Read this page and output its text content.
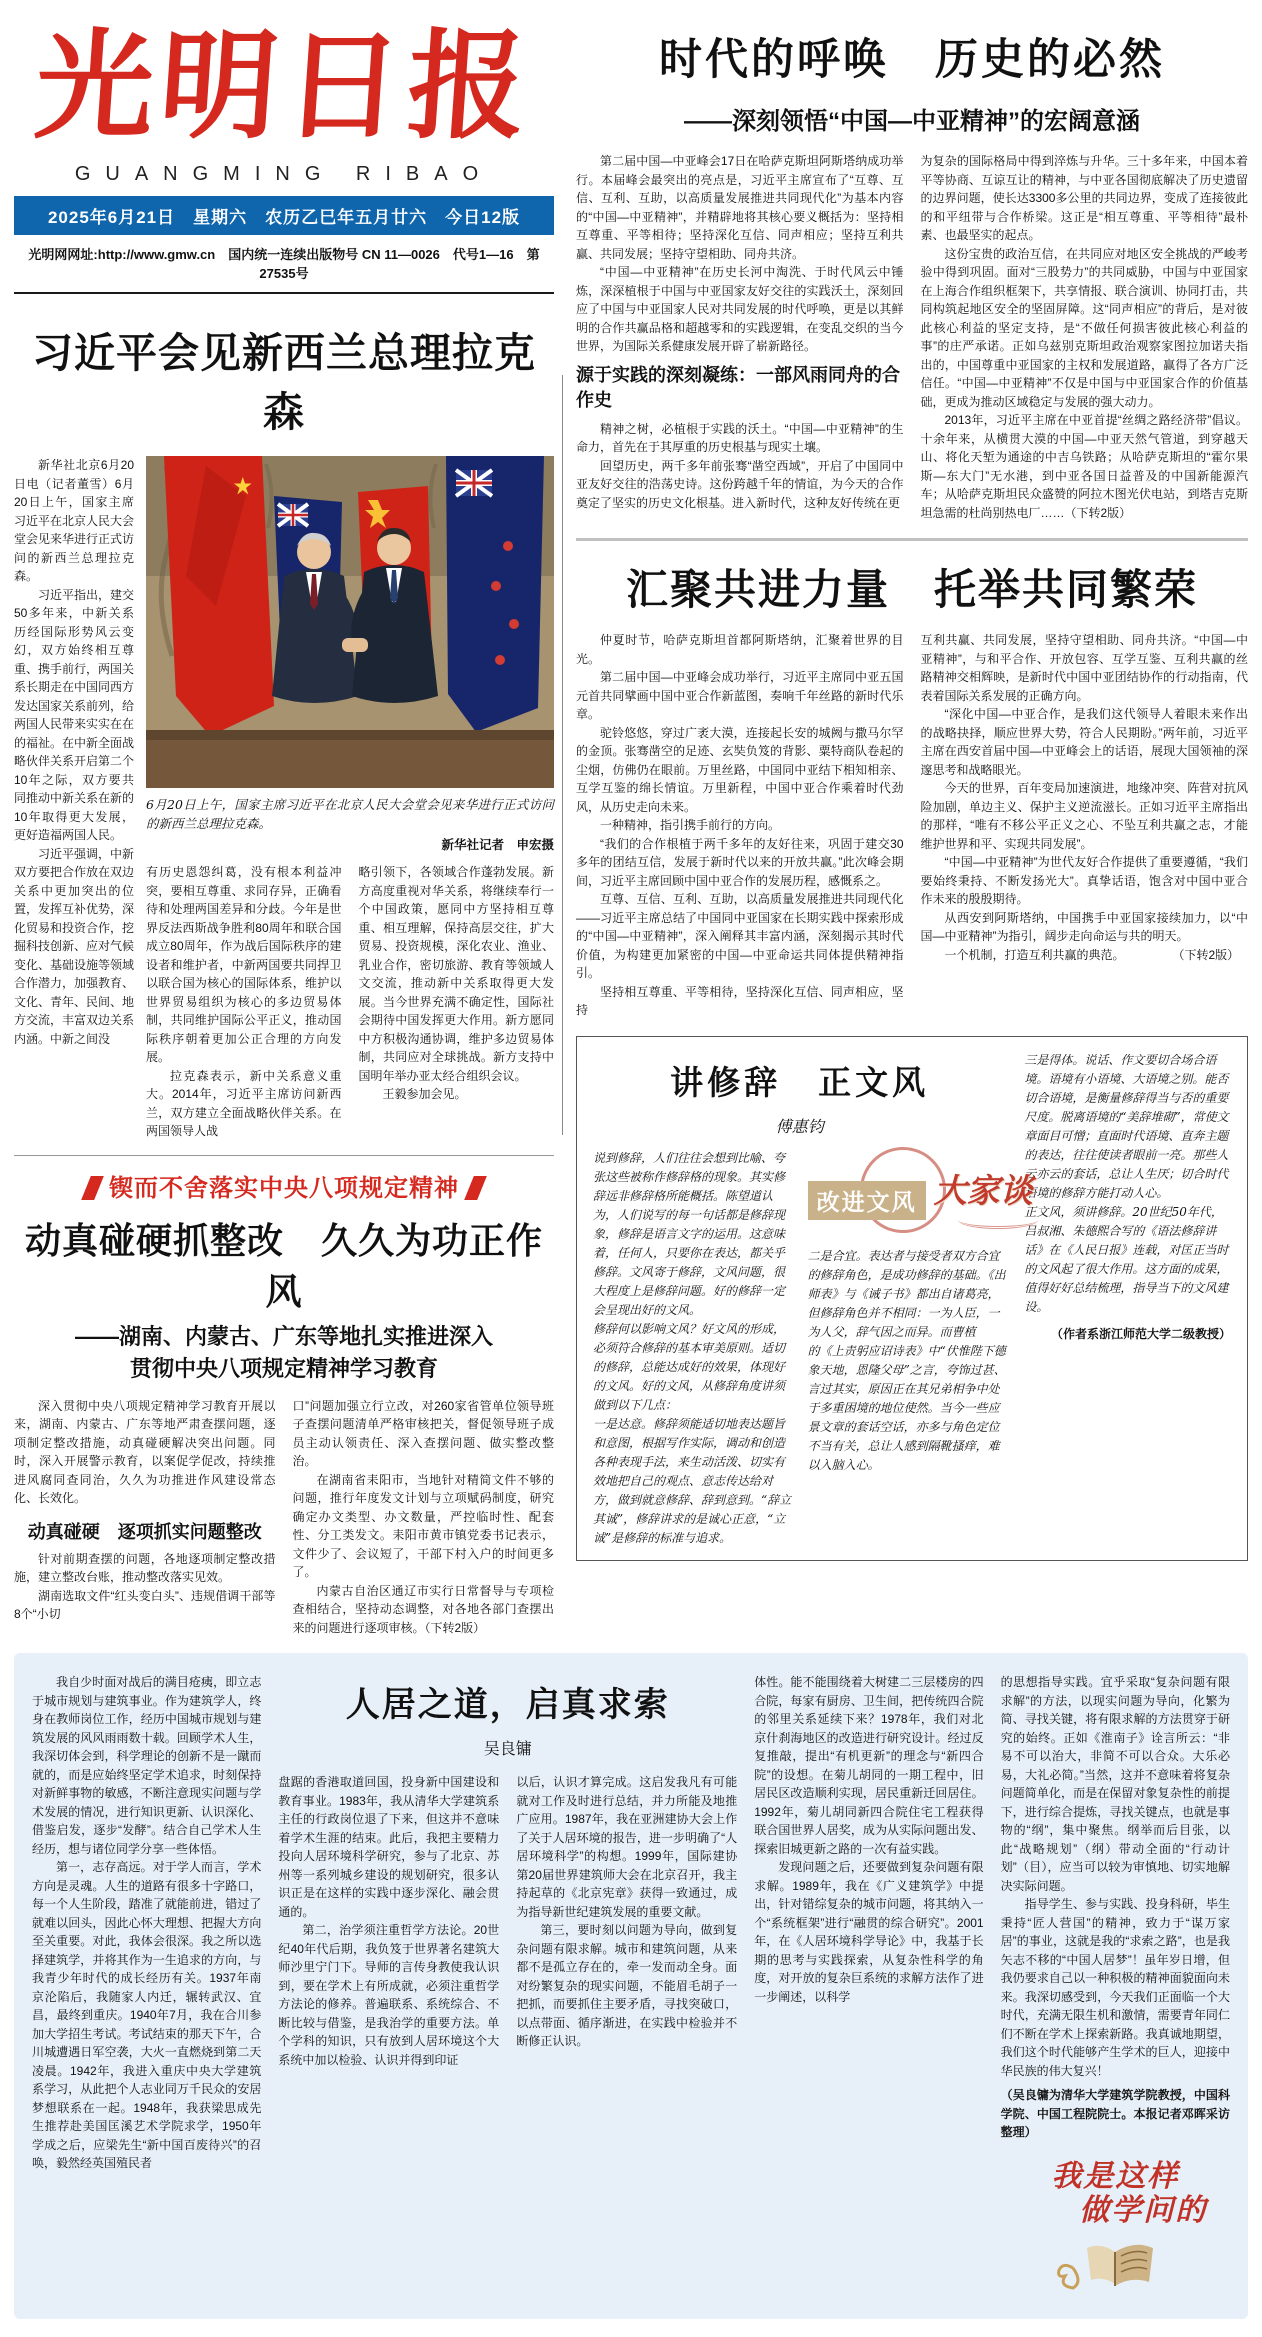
光明日报
GUANGMING RIBAO
2025年6月21日　星期六　农历乙巳年五月廿六　今日12版
光明网网址:http://www.gmw.cn　国内统一连续出版物号 CN 11—0026　代号1—16　第27535号
习近平会见新西兰总理拉克森

新华社北京6月20日电（记者董雪）6月20日上午，国家主席习近平在北京人民大会堂会见来华进行正式访问的新西兰总理拉克森。

习近平指出，建交50多年来，中新关系历经国际形势风云变幻，双方始终相互尊重、携手前行，两国关系长期走在中国同西方发达国家关系前列，给两国人民带来实实在在的福祉。在中新全面战略伙伴关系开启第二个10年之际，双方要共同推动中新关系在新的10年取得更大发展，更好造福两国人民。

习近平强调，中新双方要把合作放在双边关系中更加突出的位置，发挥互补优势，深化贸易和投资合作，挖掘科技创新、应对气候变化、基础设施等领域合作潜力，加强教育、文化、青年、民间、地方交流，丰富双边关系内涵。中新之间没

6月20日上午，国家主席习近平在北京人民大会堂会见来华进行正式访问的新西兰总理拉克森。
新华社记者　申宏摄

有历史恩怨纠葛，没有根本利益冲突，要相互尊重、求同存异，正确看待和处理两国差异和分歧。今年是世界反法西斯战争胜利80周年和联合国成立80周年，作为战后国际秩序的建设者和维护者，中新两国要共同捍卫以联合国为核心的国际体系，维护以世界贸易组织为核心的多边贸易体制，共同维护国际公平正义，推动国际秩序朝着更加公正合理的方向发展。

拉克森表示，新中关系意义重大。2014年，习近平主席访问新西兰，双方建立全面战略伙伴关系。在两国领导人战

略引领下，各领域合作蓬勃发展。新方高度重视对华关系，将继续奉行一个中国政策，愿同中方坚持相互尊重、相互理解，保持高层交往，扩大贸易、投资规模，深化农业、渔业、乳业合作，密切旅游、教育等领域人文交流，推动新中关系取得更大发展。当今世界充满不确定性，国际社会期待中国发挥更大作用。新方愿同中方积极沟通协调，维护多边贸易体制，共同应对全球挑战。新方支持中国明年举办亚太经合组织会议。

王毅参加会见。

锲而不舍落实中央八项规定精神
动真碰硬抓整改　久久为功正作风
——湖南、内蒙古、广东等地扎实推进深入
贯彻中央八项规定精神学习教育

深入贯彻中央八项规定精神学习教育开展以来，湖南、内蒙古、广东等地严肃查摆问题，逐项制定整改措施，动真碰硬解决突出问题。同时，深入开展警示教育，以案促学促改，持续推进风腐同查同治，久久为功推进作风建设常态化、长效化。

动真碰硬　逐项抓实问题整改

针对前期查摆的问题，各地逐项制定整改措施，建立整改台账，推动整改落实见效。

湖南选取文件“红头变白头”、违规借调干部等8个“小切

口”问题加强立行立改，对260家省管单位领导班子查摆问题清单严格审核把关，督促领导班子成员主动认领责任、深入查摆问题、做实整改整治。

在湖南省耒阳市，当地针对精简文件不够的问题，推行年度发文计划与立项赋码制度，研究确定办文类型、办文数量，严控临时性、配套性、分工类发文。耒阳市黄市镇党委书记表示，文件少了、会议短了，干部下村入户的时间更多了。

内蒙古自治区通辽市实行日常督导与专项检查相结合，坚持动态调整，对各地各部门查摆出来的问题进行逐项审核。（下转2版）

时代的呼唤　历史的必然
——深刻领悟“中国—中亚精神”的宏阔意涵

第二届中国—中亚峰会17日在哈萨克斯坦阿斯塔纳成功举行。本届峰会最突出的亮点是，习近平主席宣布了“互尊、互信、互利、互助，以高质量发展推进共同现代化”为基本内容的“中国—中亚精神”，并精辟地将其核心要义概括为：坚持相互尊重、平等相待；坚持深化互信、同声相应；坚持互利共赢、共同发展；坚持守望相助、同舟共济。

“中国—中亚精神”在历史长河中淘洗、于时代风云中锤炼，深深植根于中国与中亚国家友好交往的实践沃土，深刻回应了中国与中亚国家人民对共同发展的时代呼唤，更是以其鲜明的合作共赢品格和超越零和的实践逻辑，在变乱交织的当今世界，为国际关系健康发展开辟了崭新路径。

源于实践的深刻凝练：一部风雨同舟的合作史

精神之树，必植根于实践的沃土。“中国—中亚精神”的生命力，首先在于其厚重的历史根基与现实土壤。

回望历史，两千多年前张骞“凿空西域”，开启了中国同中亚友好交往的浩荡史诗。这份跨越千年的情谊，为今天的合作奠定了坚实的历史文化根基。进入新时代，这种友好传统在更

为复杂的国际格局中得到淬炼与升华。三十多年来，中国本着平等协商、互谅互让的精神，与中亚各国彻底解决了历史遗留的边界问题，使长达3300多公里的共同边界，变成了连接彼此的和平纽带与合作桥梁。这正是“相互尊重、平等相待”最朴素、也最坚实的起点。

这份宝贵的政治互信，在共同应对地区安全挑战的严峻考验中得到巩固。面对“三股势力”的共同威胁，中国与中亚国家在上海合作组织框架下，共享情报、联合演训、协同打击，共同构筑起地区安全的坚固屏障。这“同声相应”的背后，是对彼此核心利益的坚定支持，是“不做任何损害彼此核心利益的事”的庄严承诺。正如乌兹别克斯坦政治观察家图拉加诺夫指出的，中国尊重中亚国家的主权和发展道路，赢得了各方广泛信任。“中国—中亚精神”不仅是中国与中亚国家合作的价值基础，更成为推动区域稳定与发展的强大动力。

2013年，习近平主席在中亚首提“丝绸之路经济带”倡议。十余年来，从横贯大漠的中国—中亚天然气管道，到穿越天山、将化天堑为通途的中吉乌铁路；从哈萨克斯坦的“霍尔果斯—东大门”无水港，到中亚各国日益普及的中国新能源汽车；从哈萨克斯坦民众盛赞的阿拉木图光伏电站，到塔吉克斯坦急需的杜尚别热电厂……（下转2版）

汇聚共进力量　托举共同繁荣

仲夏时节，哈萨克斯坦首都阿斯塔纳，汇聚着世界的目光。

第二届中国—中亚峰会成功举行，习近平主席同中亚五国元首共同擘画中国中亚合作新蓝图，奏响千年丝路的新时代乐章。

驼铃悠悠，穿过广袤大漠，连接起长安的城阙与撒马尔罕的金顶。张骞凿空的足迹、玄奘负笈的背影、粟特商队卷起的尘烟，仿佛仍在眼前。万里丝路，中国同中亚结下相知相亲、互学互鉴的绵长情谊。万里新程，中国中亚合作乘着时代劲风，从历史走向未来。

一种精神，指引携手前行的方向。

“我们的合作根植于两千多年的友好往来，巩固于建交30多年的团结互信，发展于新时代以来的开放共赢。”此次峰会期间，习近平主席回顾中国中亚合作的发展历程，感慨系之。

互尊、互信、互利、互助，以高质量发展推进共同现代化——习近平主席总结了中国同中亚国家在长期实践中探索形成的“中国—中亚精神”，深入阐释其丰富内涵，深刻揭示其时代价值，为构建更加紧密的中国—中亚命运共同体提供精神指引。

坚持相互尊重、平等相待，坚持深化互信、同声相应，坚持

互利共赢、共同发展，坚持守望相助、同舟共济。“中国—中亚精神”，与和平合作、开放包容、互学互鉴、互利共赢的丝路精神交相辉映，是新时代中国中亚团结协作的行动指南，代表着国际关系发展的正确方向。

“深化中国—中亚合作，是我们这代领导人着眼未来作出的战略抉择，顺应世界大势，符合人民期盼。”两年前，习近平主席在西安首届中国—中亚峰会上的话语，展现大国领袖的深邃思考和战略眼光。

今天的世界，百年变局加速演进，地缘冲突、阵营对抗风险加剧，单边主义、保护主义逆流滋长。正如习近平主席指出的那样，“唯有不移公平正义之心、不坠互利共赢之志，才能维护世界和平、实现共同发展”。

“中国—中亚精神”为世代友好合作提供了重要遵循，“我们要始终秉持、不断发扬光大”。真挚话语，饱含对中国中亚合作未来的殷殷期待。

从西安到阿斯塔纳，中国携手中亚国家接续加力，以“中国—中亚精神”为指引，阔步走向命运与共的明天。

一个机制，打造互利共赢的典范。　　　　　（下转2版）

讲修辞　正文风
傅惠钧

说到修辞，人们往往会想到比喻、夸张这些被称作修辞格的现象。其实修辞远非修辞格所能概括。陈望道认为，人们说写的每一句话都是修辞现象，修辞是语言文字的运用。这意味着，任何人，只要你在表达，都关乎修辞。文风寄于修辞，文风问题，很大程度上是修辞问题。好的修辞一定会呈现出好的文风。

修辞何以影响文风？好文风的形成，必须符合修辞的基本审美原则。适切的修辞，总能达成好的效果，体现好的文风。好的文风，从修辞角度讲须做到以下几点：

一是达意。修辞须能适切地表达题旨和意图，根据写作实际，调动和创造各种表现手法，来生动活泼、切实有效地把自己的观点、意志传达给对方，做到就意修辞、辞到意到。“辞立其诚”，修辞讲求的是诚心正意，“立诚”是修辞的标准与追求。

改进文风 大家谈

二是合宜。表达者与接受者双方合宜的修辞角色，是成功修辞的基础。《出师表》与《诫子书》都出自诸葛亮，但修辞角色并不相同：一为人臣，一为人父，辞气因之而异。而曹植

的《上责躬应诏诗表》中“伏惟陛下德象天地，恩隆父母”之言，夸饰过甚、言过其实，原因正在其兄弟相争中处于多重困境的地位使然。当今一些应景文章的套话空话，亦多与角色定位不当有关，总让人感到隔靴搔痒，难以入脑入心。

三是得体。说话、作文要切合场合语境。语境有小语境、大语境之别。能否切合语境，是衡量修辞得当与否的重要尺度。脱离语境的“美辞堆砌”，常使文章面目可憎；直面时代语境、直奔主题的表达，往往使读者眼前一亮。那些人云亦云的套话，总让人生厌；切合时代语境的修辞方能打动人心。

正文风，须讲修辞。20世纪50年代，吕叔湘、朱德熙合写的《语法修辞讲话》在《人民日报》连载，对匡正当时的文风起了很大作用。这方面的成果，值得好好总结梳理，指导当下的文风建设。

（作者系浙江师范大学二级教授）

我自少时面对战后的满目疮痍，即立志于城市规划与建筑事业。作为建筑学人，终身在教师岗位工作，经历中国城市规划与建筑发展的风风雨雨数十载。回顾学术人生，我深切体会到，科学理论的创新不是一蹴而就的，而是应始终坚定学术追求，时刻保持对新鲜事物的敏感，不断注意现实问题与学术发展的情况，进行知识更新、认识深化、借鉴启发，逐步“发酵”。结合自己学术人生经历，想与诸位同学分享一些体悟。

第一，志存高远。对于学人而言，学术方向是灵魂。人生的道路有很多十字路口，每一个人生阶段，踏准了就能前进，错过了就难以回头，因此心怀大理想、把握大方向至关重要。对此，我体会很深。我之所以选择建筑学，并将其作为一生追求的方向，与我青少年时代的成长经历有关。1937年南京沦陷后，我随家人内迁，辗转武汉、宜昌，最终到重庆。1940年7月，我在合川参加大学招生考试。考试结束的那天下午，合川城遭遇日军空袭，大火一直燃烧到第二天凌晨。1942年，我进入重庆中央大学建筑系学习，从此把个人志业同万千民众的安居梦想联系在一起。1948年，我获梁思成先生推荐赴美国匡溪艺术学院求学，1950年学成之后，应梁先生“新中国百废待兴”的召唤，毅然经英国殖民者

人居之道，启真求索
吴良镛

盘踞的香港取道回国，投身新中国建设和教育事业。1983年，我从清华大学建筑系主任的行政岗位退了下来，但这并不意味着学术生涯的结束。此后，我把主要精力投向人居环境科学研究，参与了北京、苏州等一系列城乡建设的规划研究，很多认识正是在这样的实践中逐步深化、融会贯通的。

第二，治学须注重哲学方法论。20世纪40年代后期，我负笈于世界著名建筑大师沙里宁门下。导师的言传身教使我认识到，要在学术上有所成就，必须注重哲学方法论的修养。普遍联系、系统综合、不断比较与借鉴，是我治学的重要方法。单个学科的知识，只有放到人居环境这个大系统中加以检验、认识并得到印证

以后，认识才算完成。这启发我凡有可能就对工作及时进行总结，并力所能及地推广应用。1987年，我在亚洲建协大会上作了关于人居环境的报告，进一步明确了“人居环境科学”的构想。1999年，国际建协第20届世界建筑师大会在北京召开，我主持起草的《北京宪章》获得一致通过，成为指导新世纪建筑发展的重要文献。

第三，要时刻以问题为导向，做到复杂问题有限求解。城市和建筑问题，从来都不是孤立存在的，牵一发而动全身。面对纷繁复杂的现实问题，不能眉毛胡子一把抓，而要抓住主要矛盾，寻找突破口，以点带面、循序渐进，在实践中检验并不断修正认识。

体性。能不能围绕着大树建二三层楼房的四合院，每家有厨房、卫生间，把传统四合院的邻里关系延续下来？1978年，我们对北京什刹海地区的改造进行研究设计。经过反复推敲，提出“有机更新”的理念与“新四合院”的设想。在菊儿胡同的一期工程中，旧居民区改造顺利实现，居民重新迁回居住。1992年，菊儿胡同新四合院住宅工程获得联合国世界人居奖，成为从实际问题出发、探索旧城更新之路的一次有益实践。

发现问题之后，还要做到复杂问题有限求解。1989年，我在《广义建筑学》中提出，针对错综复杂的城市问题，将其纳入一个“系统框架”进行“融贯的综合研究”。2001年，在《人居环境科学导论》中，我基于长期的思考与实践探索，从复杂性科学的角度，对开放的复杂巨系统的求解方法作了进一步阐述，以科学

的思想指导实践。宜乎采取“复杂问题有限求解”的方法，以现实问题为导向，化繁为简、寻找关键，将有限求解的方法贯穿于研究的始终。正如《淮南子》诠言所云：“非易不可以治大，非简不可以合众。大乐必易，大礼必简。”当然，这并不意味着将复杂问题简单化，而是在保留对象复杂性的前提下，进行综合提炼，寻找关键点，也就是事物的“纲”，集中聚焦。纲举而后目张，以此“战略规划”（纲）带动全面的“行动计划”（目），应当可以较为审慎地、切实地解决实际问题。

指导学生、参与实践、投身科研，毕生秉持“匠人营国”的精神，致力于“谋万家居”的事业，这就是我的“求索之路”，也是我矢志不移的“中国人居梦”！虽年岁日增，但我仍要求自己以一种积极的精神面貌面向未来。我深切感受到，今天我们正面临一个大时代，充满无限生机和激情，需要青年同仁们不断在学术上探索新路。我真诚地期望，我们这个时代能够产生学术的巨人，迎接中华民族的伟大复兴！

（吴良镛为清华大学建筑学院教授，中国科学院、中国工程院院士。本报记者邓晖采访整理）
我是这样
做学问的
